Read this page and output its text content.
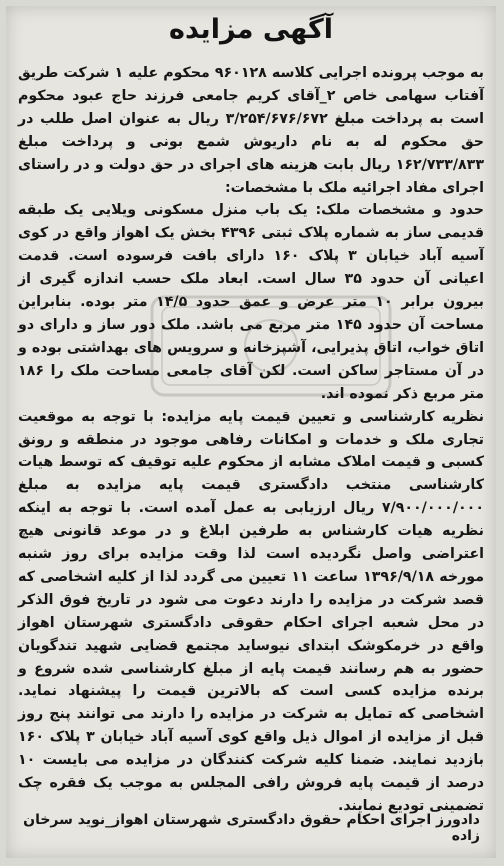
آگهی مزایده

به موجب پرونده اجرایی کلاسه ۹۶۰۱۲۸ محکوم علیه ۱ شرکت طریق آفتاب سهامی خاص ۲_آقای کریم جامعی فرزند حاج عبود محکوم است به پرداخت مبلغ ۳/۲۵۴/۶۷۶/۶۷۲ ریال به عنوان اصل طلب در حق محکوم له به نام داریوش شمع بونی و پرداخت مبلغ ۱۶۲/۷۳۳/۸۳۳ ریال بابت هزینه های اجرای در حق دولت و در راستای اجرای مفاد اجرائیه ملک با مشخصات:

حدود و مشخصات ملک: یک باب منزل مسکونی ویلایی یک طبقه قدیمی ساز به شماره پلاک ثبتی ۴۳۹۶ بخش یک اهواز واقع در کوی آسیه آباد خیابان ۳ پلاک ۱۶۰ دارای بافت فرسوده است. قدمت اعیانی آن حدود ۳۵ سال است. ابعاد ملک حسب اندازه گیری از بیرون برابر ۱۰ متر عرض و عمق حدود ۱۴/۵ متر بوده. بنابراین مساحت آن حدود ۱۴۵ متر مربع می باشد. ملک دور ساز و دارای دو اتاق خواب، اتاق پذیرایی، آشپزخانه و سرویس های بهداشتی بوده و در آن مستاجر ساکن است. لکن آقای جامعی مساحت ملک را ۱۸۶ متر مربع ذکر نموده اند.

نظریه کارشناسی و تعیین قیمت پایه مزایده: با توجه به موقعیت تجاری ملک و خدمات و امکانات رفاهی موجود در منطقه و رونق کسبی و قیمت املاک مشابه از محکوم علیه توقیف که توسط هیات کارشناسی منتخب دادگستری قیمت پایه مزایده به مبلغ ۷/۹۰۰/۰۰۰/۰۰۰ ریال ارزیابی به عمل آمده است. با توجه به اینکه نظریه هیات کارشناس به طرفین ابلاغ و در موعد قانونی هیچ اعتراضی واصل نگردیده است لذا وقت مزایده برای روز شنبه مورخه ۱۳۹۶/۹/۱۸ ساعت ۱۱ تعیین می گردد لذا از کلیه اشخاصی که قصد شرکت در مزایده را دارند دعوت می شود در تاریخ فوق الذکر در محل شعبه اجرای احکام حقوقی دادگستری شهرستان اهواز واقع در خرمکوشک ابتدای نیوساید مجتمع قضایی شهید تندگویان حضور به هم رسانند قیمت پایه از مبلغ کارشناسی شده شروع و برنده مزایده کسی است که بالاترین قیمت را پیشنهاد نماید. اشخاصی که تمایل به شرکت در مزایده را دارند می توانند پنج روز قبل از مزایده از اموال ذیل واقع کوی آسیه آباد خیابان ۳ پلاک ۱۶۰ بازدید نمایند. ضمنا کلیه شرکت کنندگان در مزایده می بایست ۱۰ درصد از قیمت پایه فروش رافی المجلس به موجب یک فقره چک تضمینی تودیع نمایند.

دادورز اجرای احکام حقوق دادگستری شهرستان اهواز_نوید سرخان زاده
